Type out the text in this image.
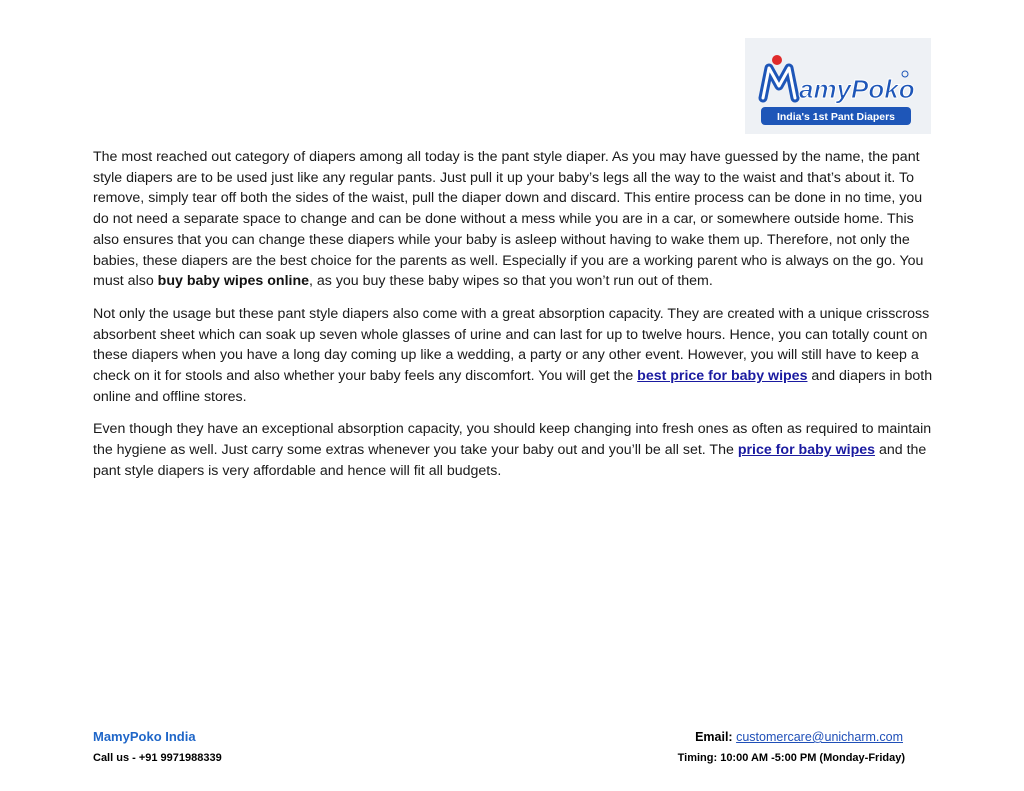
amyPoko
India's 1st Pant Diapers

The most reached out category of diapers among all today is the pant style diaper. As you may have guessed by the name, the pant style diapers are to be used just like any regular pants. Just pull it up your baby’s legs all the way to the waist and that’s about it. To remove, simply tear off both the sides of the waist, pull the diaper down and discard. This entire process can be done in no time, you do not need a separate space to change and can be done without a mess while you are in a car, or somewhere outside home. This also ensures that you can change these diapers while your baby is asleep without having to wake them up. Therefore, not only the babies, these diapers are the best choice for the parents as well. Especially if you are a working parent who is always on the go. You must also buy baby wipes online, as you buy these baby wipes so that you won’t run out of them.

Not only the usage but these pant style diapers also come with a great absorption capacity. They are created with a unique crisscross absorbent sheet which can soak up seven whole glasses of urine and can last for up to twelve hours. Hence, you can totally count on these diapers when you have a long day coming up like a wedding, a party or any other event. However, you will still have to keep a check on it for stools and also whether your baby feels any discomfort. You will get the best price for baby wipes and diapers in both online and offline stores.

Even though they have an exceptional absorption capacity, you should keep changing into fresh ones as often as required to maintain the hygiene as well. Just carry some extras whenever you take your baby out and you’ll be all set. The price for baby wipes and the pant style diapers is very affordable and hence will fit all budgets.

MamyPoko India	Email: customercare@unicharm.com
Call us - +91 9971988339	Timing: 10:00 AM -5:00 PM (Monday-Friday)
